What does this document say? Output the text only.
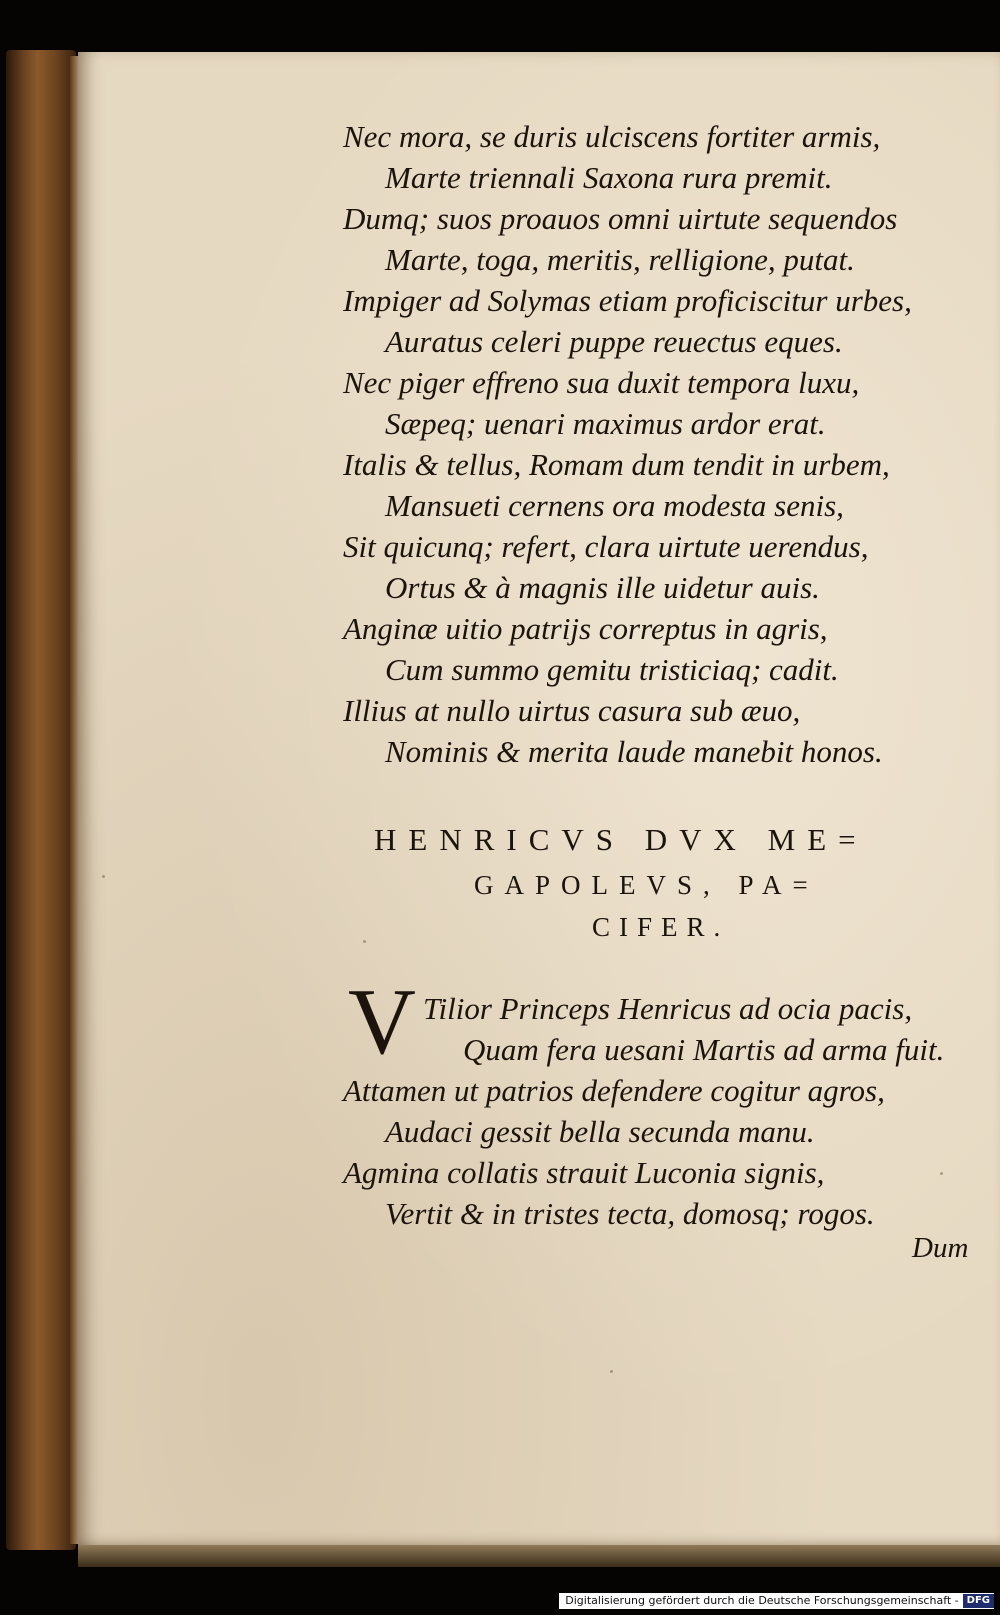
Nec mora, se duris ulciscens fortiter armis,
Marte triennali Saxona rura premit.
Dumq; suos proauos omni uirtute sequendos
Marte, toga, meritis, relligione, putat.
Impiger ad Solymas etiam proficiscitur urbes,
Auratus celeri puppe reuectus eques.
Nec piger effreno sua duxit tempora luxu,
Sæpeq; uenari maximus ardor erat.
Italis & tellus, Romam dum tendit in urbem,
Mansueti cernens ora modesta senis,
Sit quicunq; refert, clara uirtute uerendus,
Ortus & à magnis ille uidetur auis.
Anginæ uitio patrijs correptus in agris,
Cum summo gemitu tristiciaq; cadit.
Illius at nullo uirtus casura sub æuo,
Nominis & merita laude manebit honos.
HENRICVS DVX ME=
GAPOLEVS, PA=
CIFER.
V Tilior Princeps Henricus ad ocia pacis,
Quam fera uesani Martis ad arma fuit.
Attamen ut patrios defendere cogitur agros,
Audaci gessit bella secunda manu.
Agmina collatis strauit Luconia signis,
Vertit & in tristes tecta, domosq; rogos.
Dum
Digitalisierung gefördert durch die Deutsche Forschungsgemeinschaft - DFG
